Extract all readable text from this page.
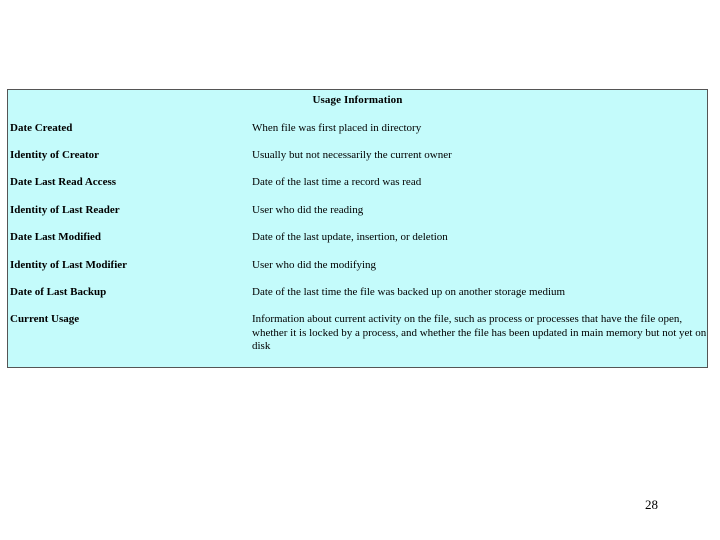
Usage Information
Date Created	When file was first placed in directory
Identity of Creator	Usually but not necessarily the current owner
Date Last Read Access	Date of the last time a record was read
Identity of Last Reader	User who did the reading
Date Last Modified	Date of the last update, insertion, or deletion
Identity of Last Modifier	User who did the modifying
Date of Last Backup	Date of the last time the file was backed up on another storage medium
Current Usage	Information about current activity on the file, such as process or processes that have the file open, whether it is locked by a process, and whether the file has been updated in main memory but not yet on disk
28
